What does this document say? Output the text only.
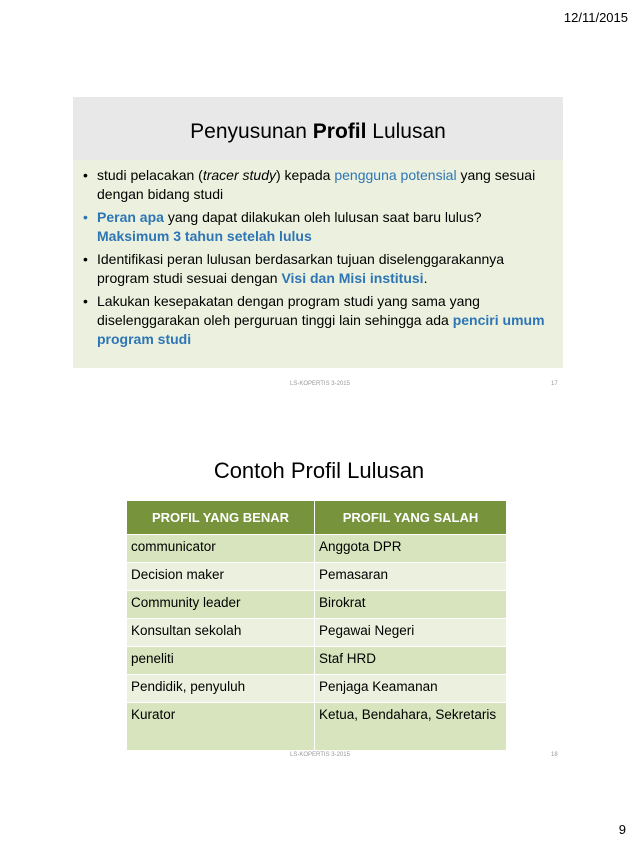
12/11/2015
Penyusunan Profil Lulusan
• studi pelacakan (tracer study) kepada pengguna potensial yang sesuai dengan bidang studi
• Peran apa yang dapat dilakukan oleh lulusan saat baru lulus? Maksimum 3 tahun setelah lulus
• Identifikasi peran lulusan berdasarkan tujuan diselenggarakannya program studi sesuai dengan Visi dan Misi institusi.
• Lakukan kesepakatan dengan program studi yang sama yang diselenggarakan oleh perguruan tinggi lain sehingga ada penciri umum program studi
LS-KOPERTIS 3-2015	17
Contoh Profil Lulusan
PROFIL YANG BENAR	PROFIL YANG SALAH
communicator	Anggota DPR
Decision maker	Pemasaran
Community leader	Birokrat
Konsultan sekolah	Pegawai Negeri
peneliti	Staf HRD
Pendidik, penyuluh	Penjaga Keamanan
Kurator	Ketua, Bendahara, Sekretaris
LS-KOPERTIS 3-2015	18
9
